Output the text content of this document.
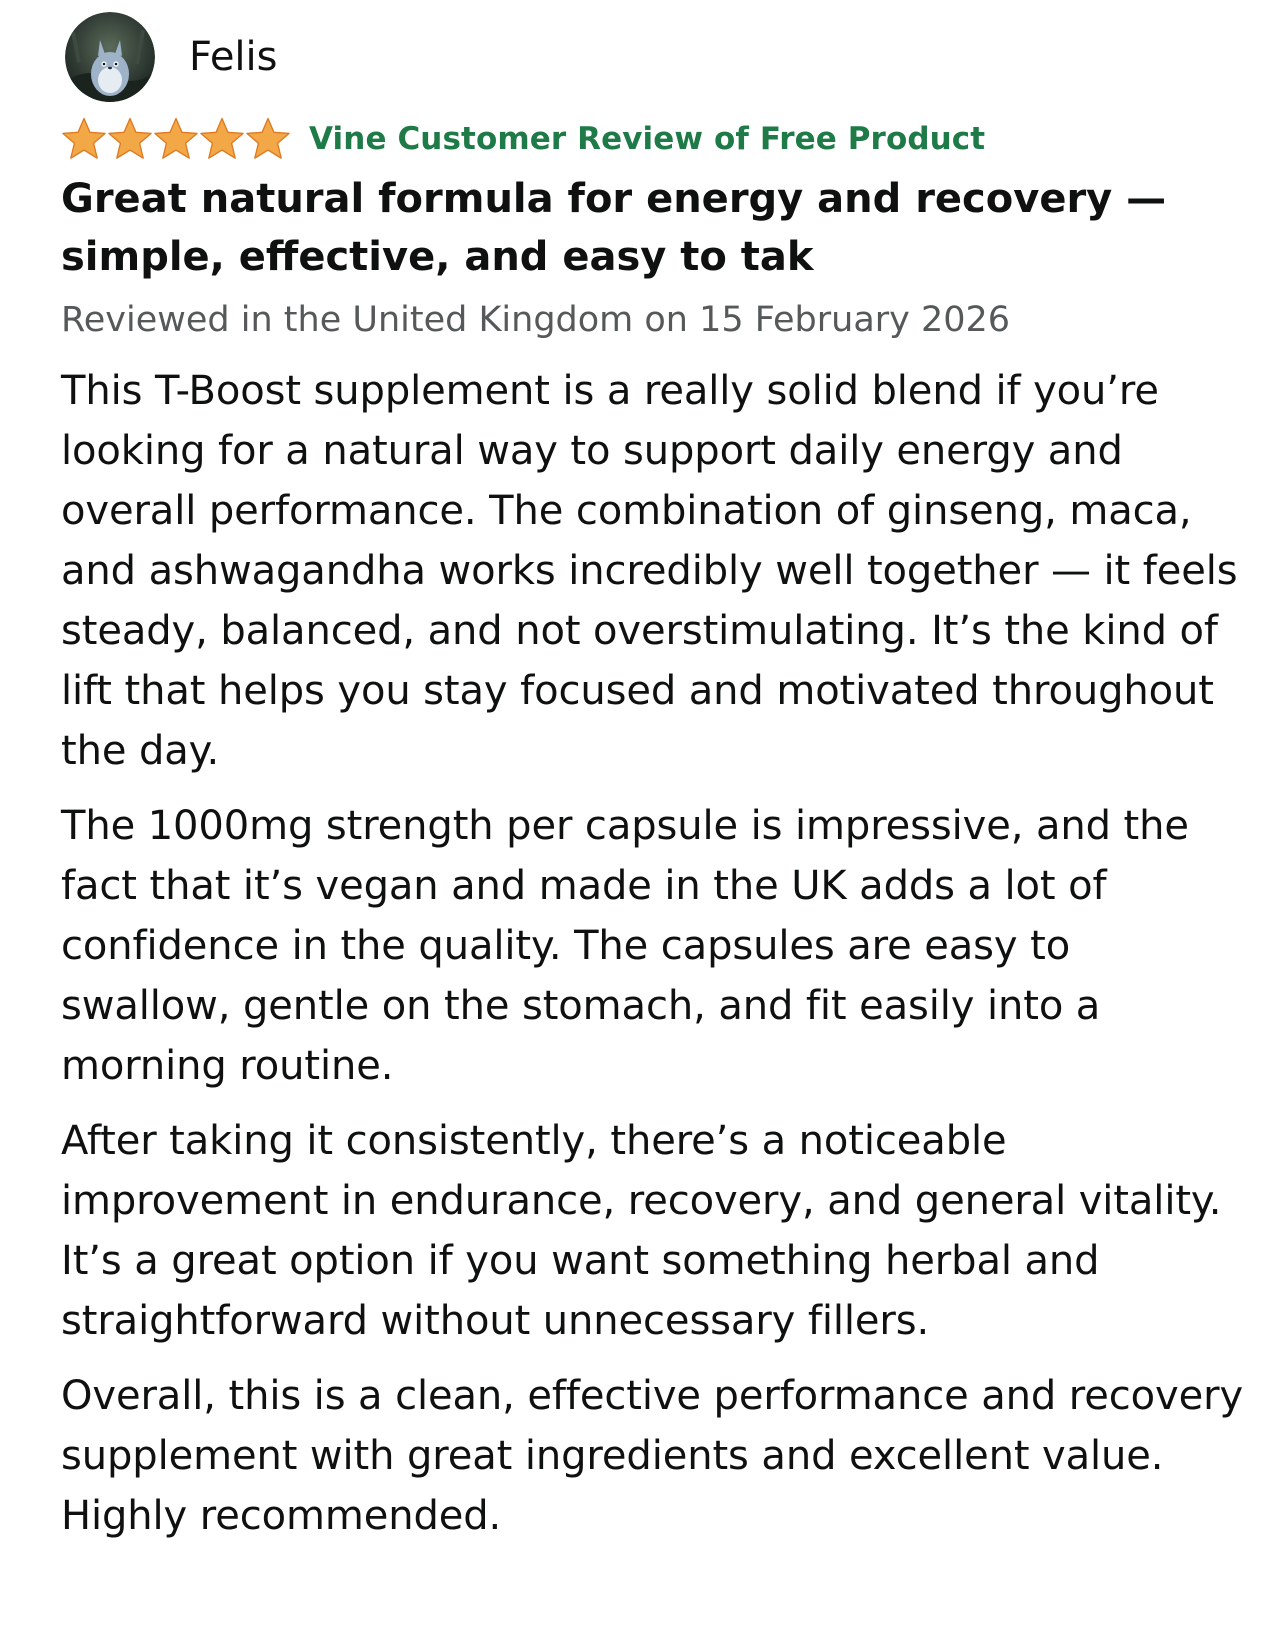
Felis
Vine Customer Review of Free Product
Great natural formula for energy and recovery — simple, effective, and easy to tak
Reviewed in the United Kingdom on 15 February 2026

This T-Boost supplement is a really solid blend if you’re looking for a natural way to support daily energy and overall performance. The combination of ginseng, maca, and ashwagandha works incredibly well together — it feels steady, balanced, and not overstimulating. It’s the kind of lift that helps you stay focused and motivated throughout the day.

The 1000mg strength per capsule is impressive, and the fact that it’s vegan and made in the UK adds a lot of confidence in the quality. The capsules are easy to swallow, gentle on the stomach, and fit easily into a morning routine.

After taking it consistently, there’s a noticeable improvement in endurance, recovery, and general vitality. It’s a great option if you want something herbal and straightforward without unnecessary fillers.

Overall, this is a clean, effective performance and recovery supplement with great ingredients and excellent value. Highly recommended.
